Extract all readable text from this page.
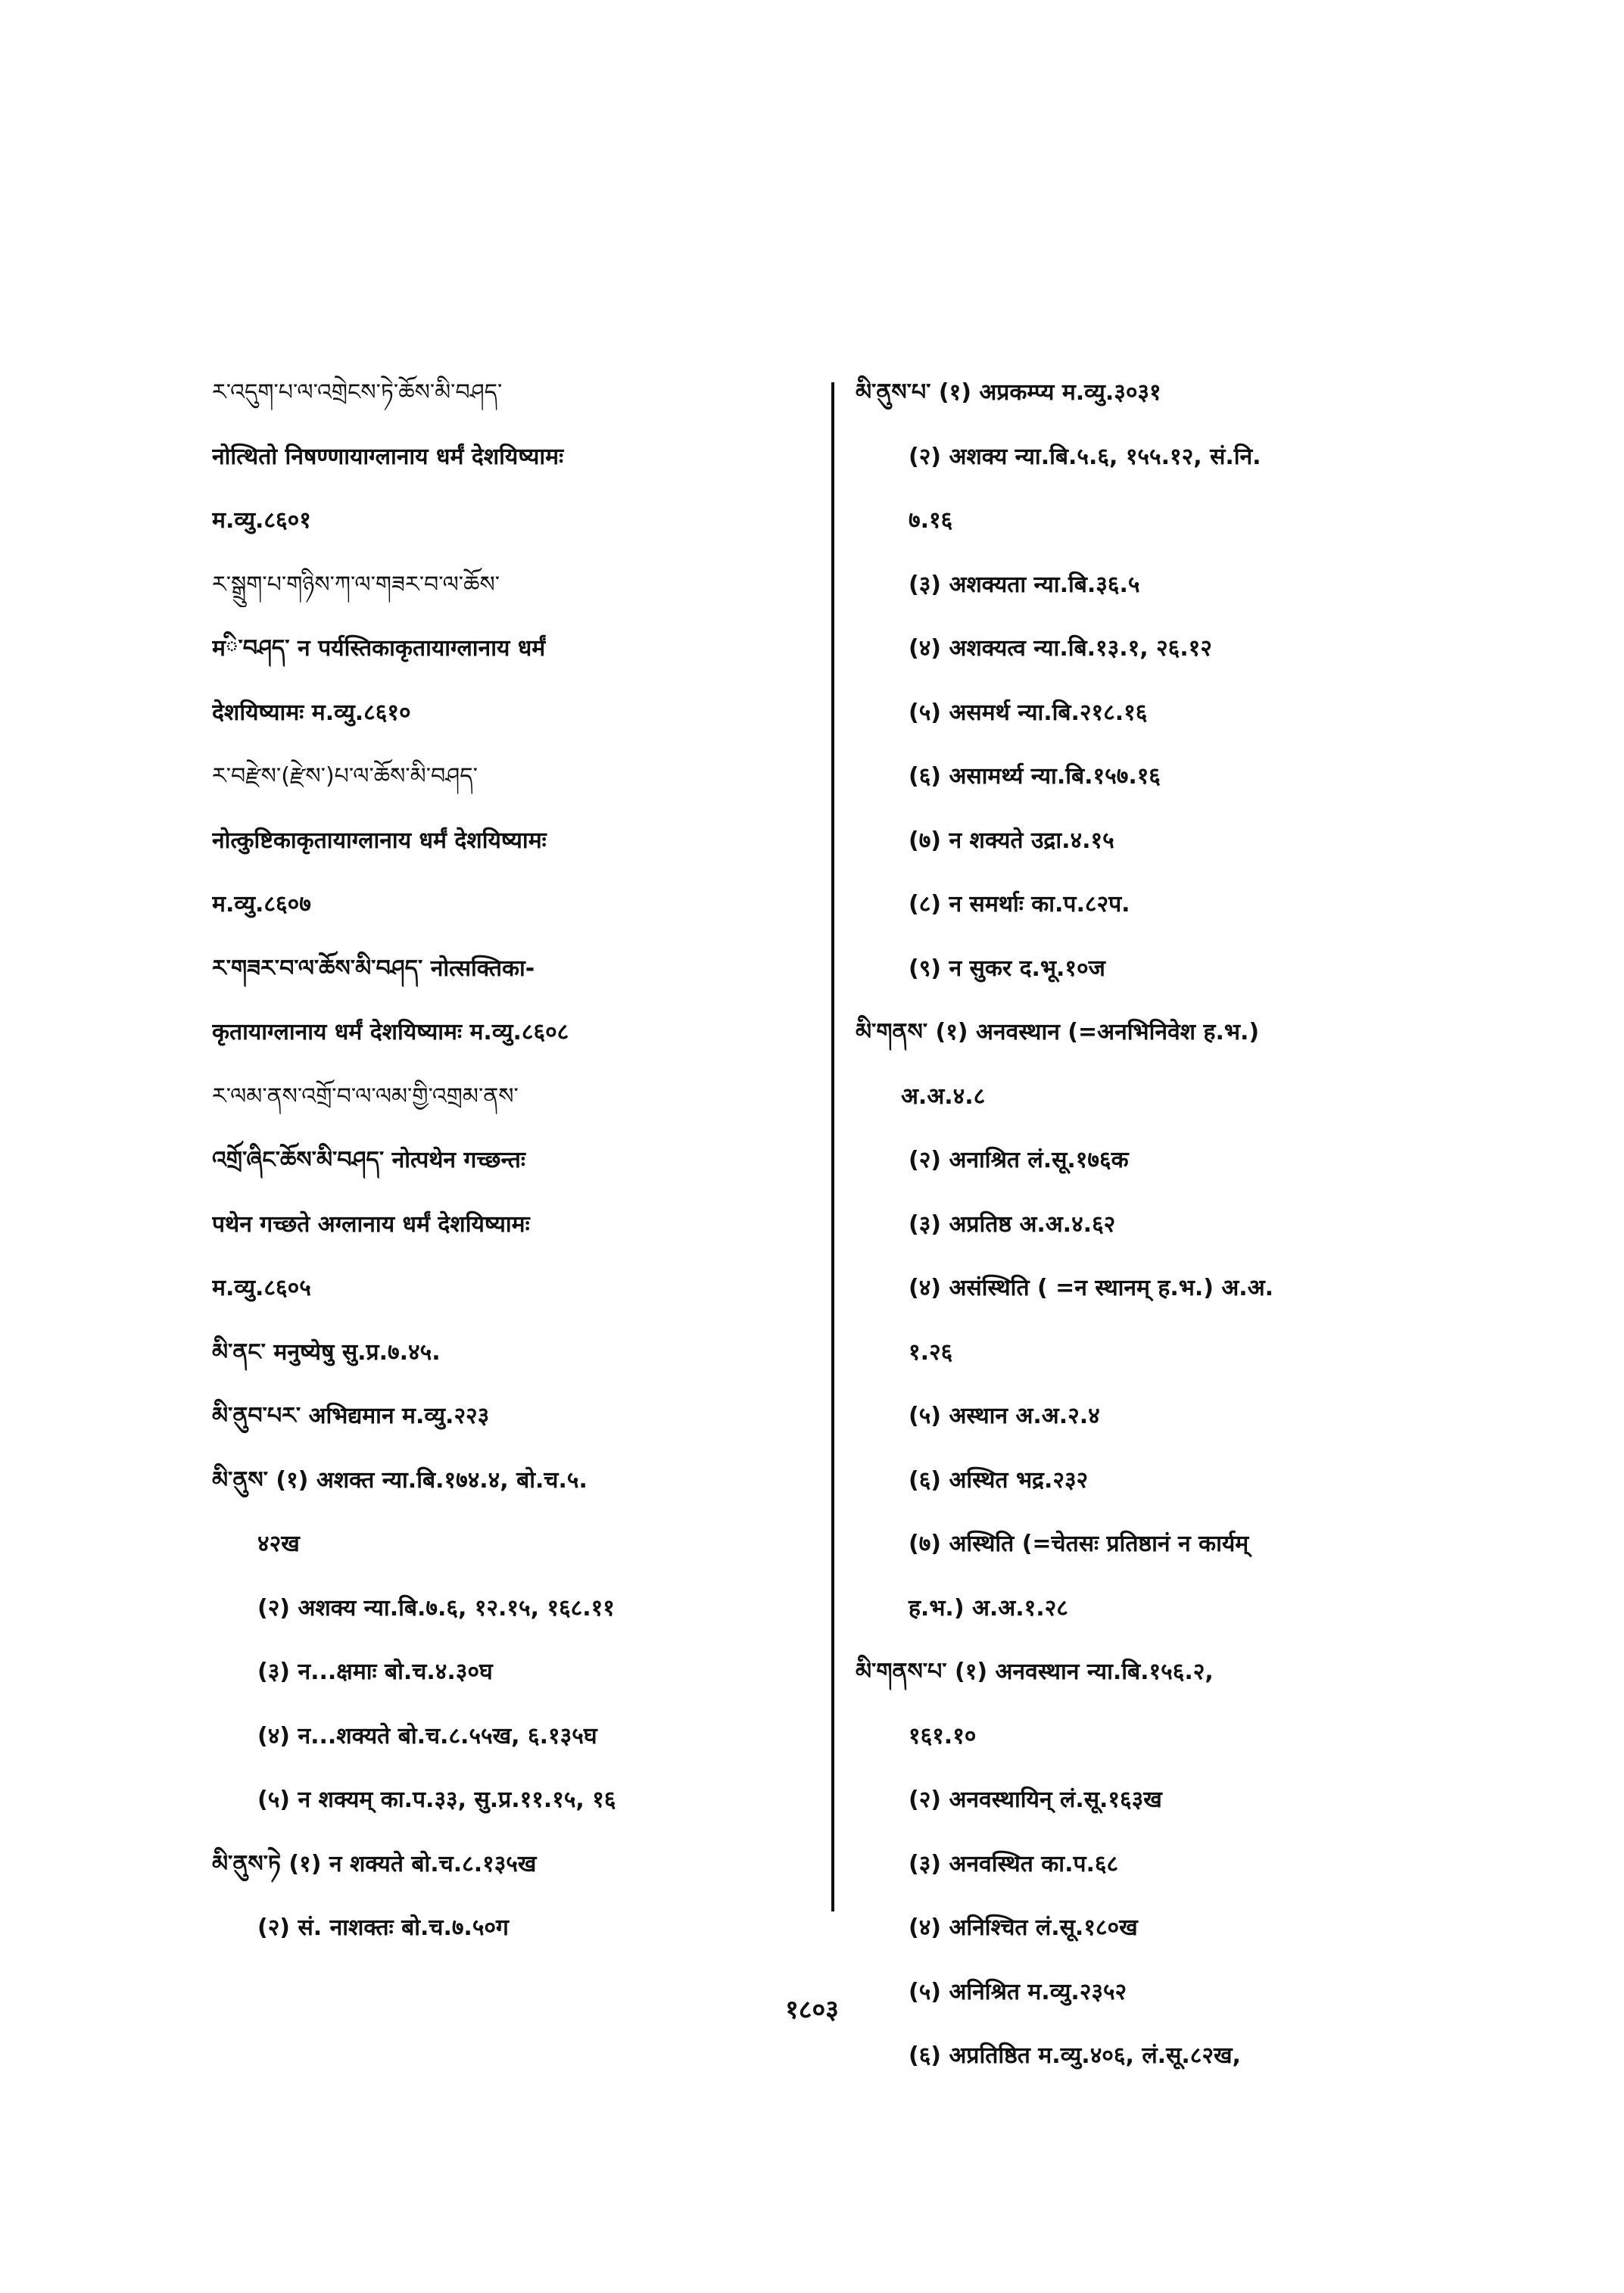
ར་འདུག་པ་ལ་འགྲེངས་ཏེ་ཆོས་མི་བཤད་
नोत्थितो निषण्णायाग्लानाय धर्मं देशयिष्यामः
म.व्यु.८६०१
ར་སྒྲུག་པ་གཉིས་ཀ་ལ་གཟར་བ་ལ་ཆོས་
मི་བཤད་ न पर्यस्तिकाकृतायाग्लानाय धर्मं
देशयिष्यामः म.व्यु.८६१०
ར་བརྫེས་(རྫེས་)པ་ལ་ཆོས་མི་བཤད་
नोत्कुष्टिकाकृतायाग्लानाय धर्मं देशयिष्यामः
म.व्यु.८६०७
ར་གཟར་བ་ལ་ཆོས་མི་བཤད་ नोत्सक्तिका-
कृतायाग्लानाय धर्मं देशयिष्यामः म.व्यु.८६०८
ར་ལམ་ནས་འགྲོ་བ་ལ་ལམ་གྱི་འགྲམ་ནས་
འགྲོ་ཞིང་ཆོས་མི་བཤད་ नोत्पथेन गच्छन्तः
पथेन गच्छते अग्लानाय धर्मं देशयिष्यामः
म.व्यु.८६०५
མི་ནང་ मनुष्येषु सु.प्र.७.४५.
མི་ནུབ་པར་ अभिद्यमान म.व्यु.२२३
མི་ནུས་ (१) अशक्त न्या.बि.१७४.४, बो.च.५.
४२ख
(२) अशक्य न्या.बि.७.६, १२.१५, १६८.११
(३) न...क्षमाः बो.च.४.३०घ
(४) न...शक्यते बो.च.८.५५ख, ६.१३५घ
(५) न शक्यम् का.प.३३, सु.प्र.११.१५, १६
མི་ནུས་ཏེ (१) न शक्यते बो.च.८.१३५ख
(२) सं. नाशक्तः बो.च.७.५०ग
མི་ནུས་པ་ (१) अप्रकम्प्य म.व्यु.३०३१
(२) अशक्य न्या.बि.५.६, १५५.१२, सं.नि.
७.१६
(३) अशक्यता न्या.बि.३६.५
(४) अशक्यत्व न्या.बि.१३.१, २६.१२
(५) असमर्थ न्या.बि.२१८.१६
(६) असामर्थ्य न्या.बि.१५७.१६
(७) न शक्यते उद्रा.४.१५
(८) न समर्थाः का.प.८२प.
(९) न सुकर द.भू.१०ज
མི་གནས་ (१) अनवस्थान (=अनभिनिवेश ह.भ.)
अ.अ.४.८
(२) अनाश्रित लं.सू.१७६क
(३) अप्रतिष्ठ अ.अ.४.६२
(४) असंस्थिति ( =न स्थानम् ह.भ.) अ.अ.
१.२६
(५) अस्थान अ.अ.२.४
(६) अस्थित भद्र.२३२
(७) अस्थिति (=चेतसः प्रतिष्ठानं न कार्यम्
ह.भ.) अ.अ.१.२८
མི་གནས་པ་ (१) अनवस्थान न्या.बि.१५६.२,
१६१.१०
(२) अनवस्थायिन् लं.सू.१६३ख
(३) अनवस्थित का.प.६८
(४) अनिश्चित लं.सू.१८०ख
(५) अनिश्रित म.व्यु.२३५२
(६) अप्रतिष्ठित म.व्यु.४०६, लं.सू.८२ख,
१८०३
